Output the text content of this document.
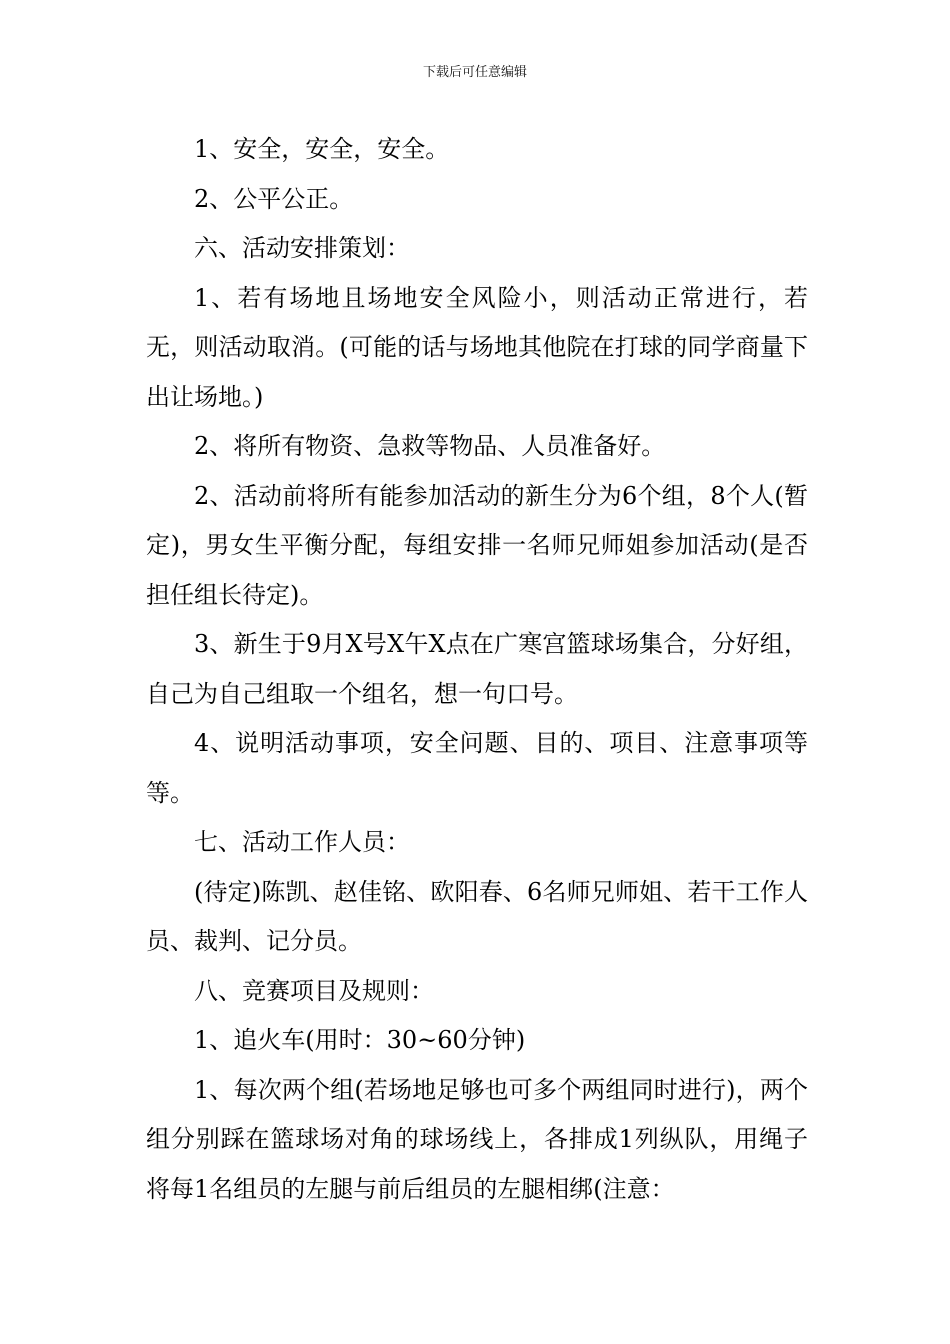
下载后可任意编辑

1、安全，安全，安全。

2、公平公正。

六、活动安排策划：

1、若有场地且场地安全风险小，则活动正常进行，若无，则活动取消。(可能的话与场地其他院在打球的同学商量下出让场地。)

2、将所有物资、急救等物品、人员准备好。

2、活动前将所有能参加活动的新生分为6个组，8个人(暂定)，男女生平衡分配，每组安排一名师兄师姐参加活动(是否担任组长待定)。

3、新生于9月X号X午X点在广寒宫篮球场集合，分好组，自己为自己组取一个组名，想一句口号。

4、说明活动事项，安全问题、目的、项目、注意事项等等。

七、活动工作人员：

(待定)陈凯、赵佳铭、欧阳春、6名师兄师姐、若干工作人员、裁判、记分员。

八、竞赛项目及规则：

1、追火车(用时：30~60分钟)

1、每次两个组(若场地足够也可多个两组同时进行)，两个组分别踩在篮球场对角的球场线上，各排成1列纵队，用绳子将每1名组员的左腿与前后组员的左腿相绑(注意：
